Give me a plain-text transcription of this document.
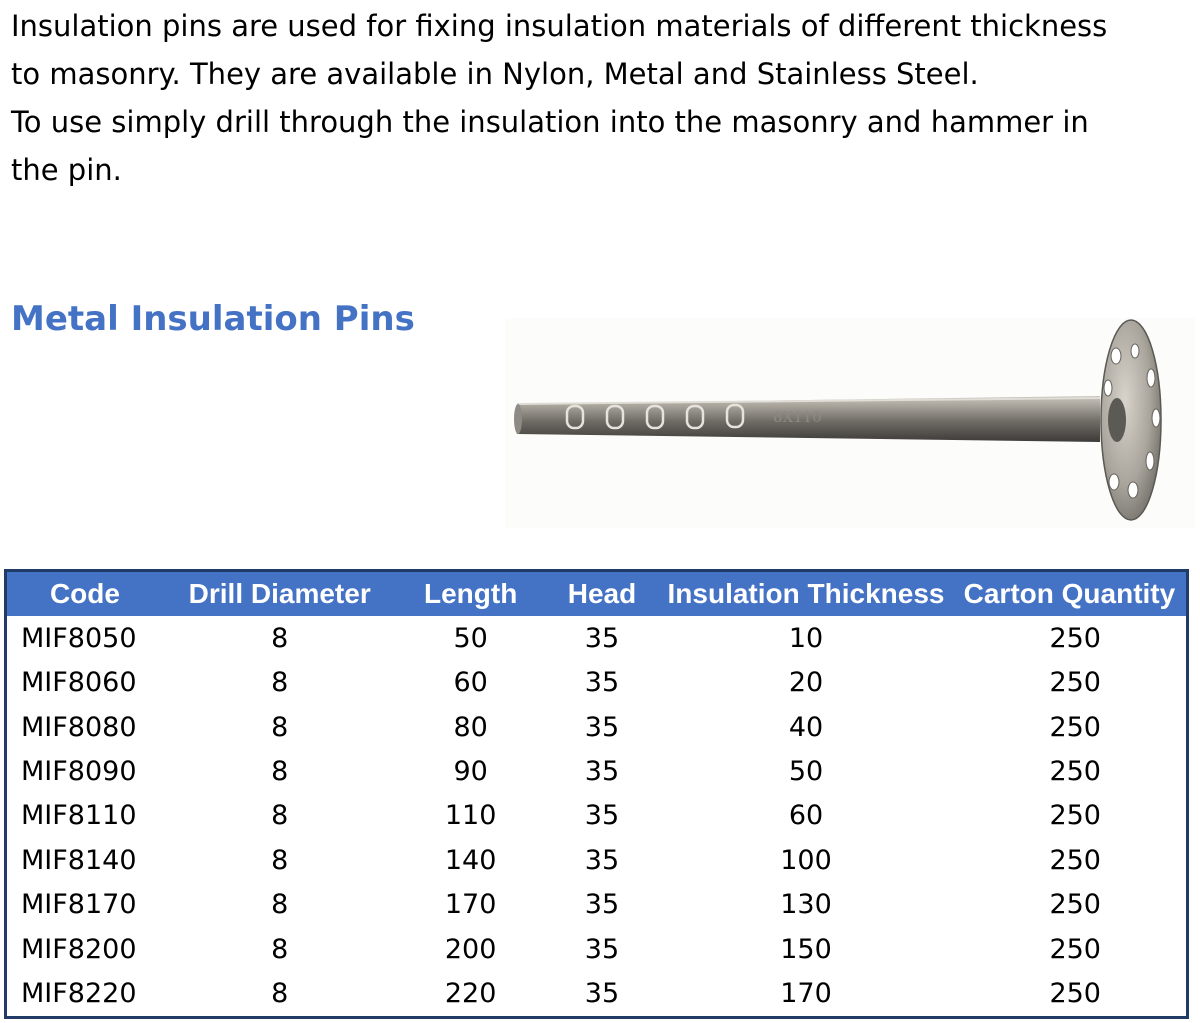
Insulation pins are used for fixing insulation materials of different thickness to masonry. They are available in Nylon, Metal and Stainless Steel.

To use simply drill through the insulation into the masonry and hammer in the pin.

Metal Insulation Pins
8X110
Code	Drill Diameter	Length	Head	Insulation Thickness	Carton Quantity
MIF8050	8	50	35	10	250
MIF8060	8	60	35	20	250
MIF8080	8	80	35	40	250
MIF8090	8	90	35	50	250
MIF8110	8	110	35	60	250
MIF8140	8	140	35	100	250
MIF8170	8	170	35	130	250
MIF8200	8	200	35	150	250
MIF8220	8	220	35	170	250
